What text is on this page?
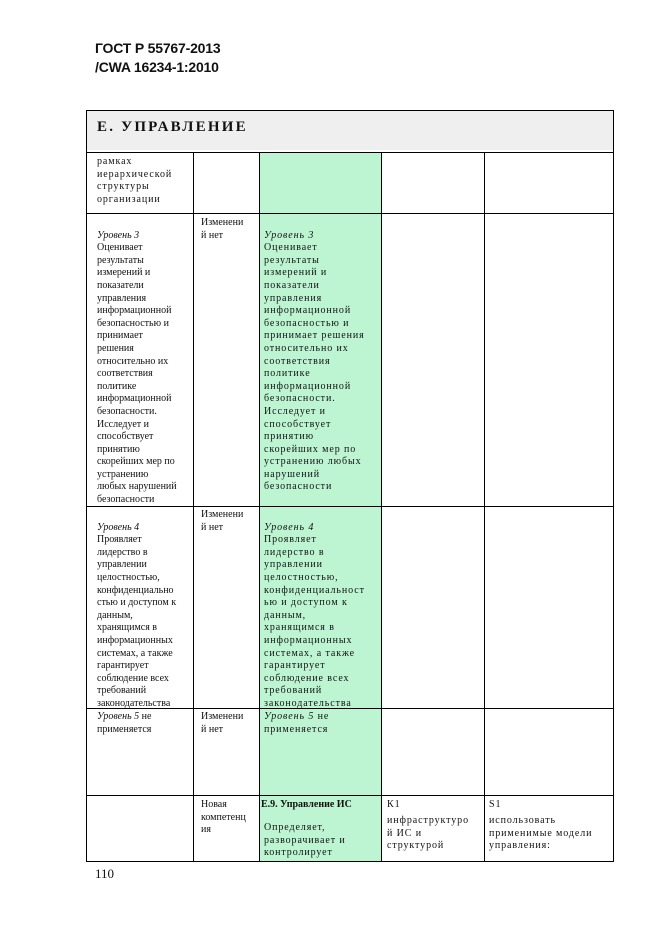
ГОСТ Р 55767-2013
/CWA 16234-1:2010
Е. УПРАВЛЕНИЕ
рамках
иерархической
структуры
организации

Уровень 3

Оценивает
результаты
измерений и
показатели
управления
информационной
безопасностью и
принимает
решения
относительно их
соответствия
политике
информационной
безопасности.
Исследует и
способствует
принятию
скорейших мер по
устранению
любых нарушений
безопасности

Изменени
й нет	Уровень 3

Оценивает
результаты
измерений и
показатели
управления
информационной
безопасностью и
принимает решения
относительно их
соответствия
политике
информационной
безопасности.
Исследует и
способствует
принятию
скорейших мер по
устранению любых
нарушений
безопасности

Уровень 4

Проявляет
лидерство в
управлении
целостностью,
конфиденциально
стью и доступом к
данным,
хранящимся в
информационных
системах, а также
гарантирует
соблюдение всех
требований
законодательства

Изменени
й нет	Уровень 4

Проявляет
лидерство в
управлении
целостностью,
конфиденциальност
ью и доступом к
данным,
хранящимся в
информационных
системах, а также
гарантирует
соблюдение всех
требований
законодательства

Уровень 5 не
применяется
Изменени
й нет
Уровень 5 не
применяется
Новая
компетенц
ия
Е.9. Управление ИС
Определяет,
разворачивает и
контролирует
К1
инфраструктуро
й ИС и
структурой
S1
использовать
применимые модели
управления:
110
